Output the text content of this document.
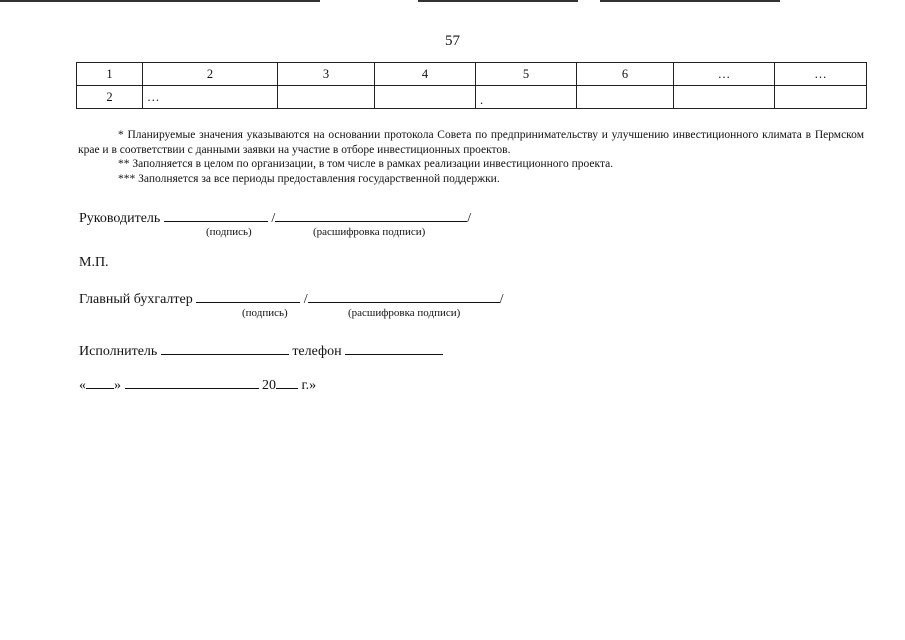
57
1	2	3	4	5	6	…	…
2	…			.			

* Планируемые значения указываются на основании протокола Совета по предпринимательству и улучшению инвестиционного климата в Пермском крае и в соответствии с данными заявки на участие в отборе инвестиционных проектов.

** Заполняется в целом по организации, в том числе в рамках реализации инвестиционного проекта.

*** Заполняется за все периоды предоставления государственной поддержки.

Руководитель	/	/
(подпись)	(расшифровка подписи)
М.П.
Главный бухгалтер	/	/
(подпись)	(расшифровка подписи)
Исполнитель	телефон
« »	20 г.»
